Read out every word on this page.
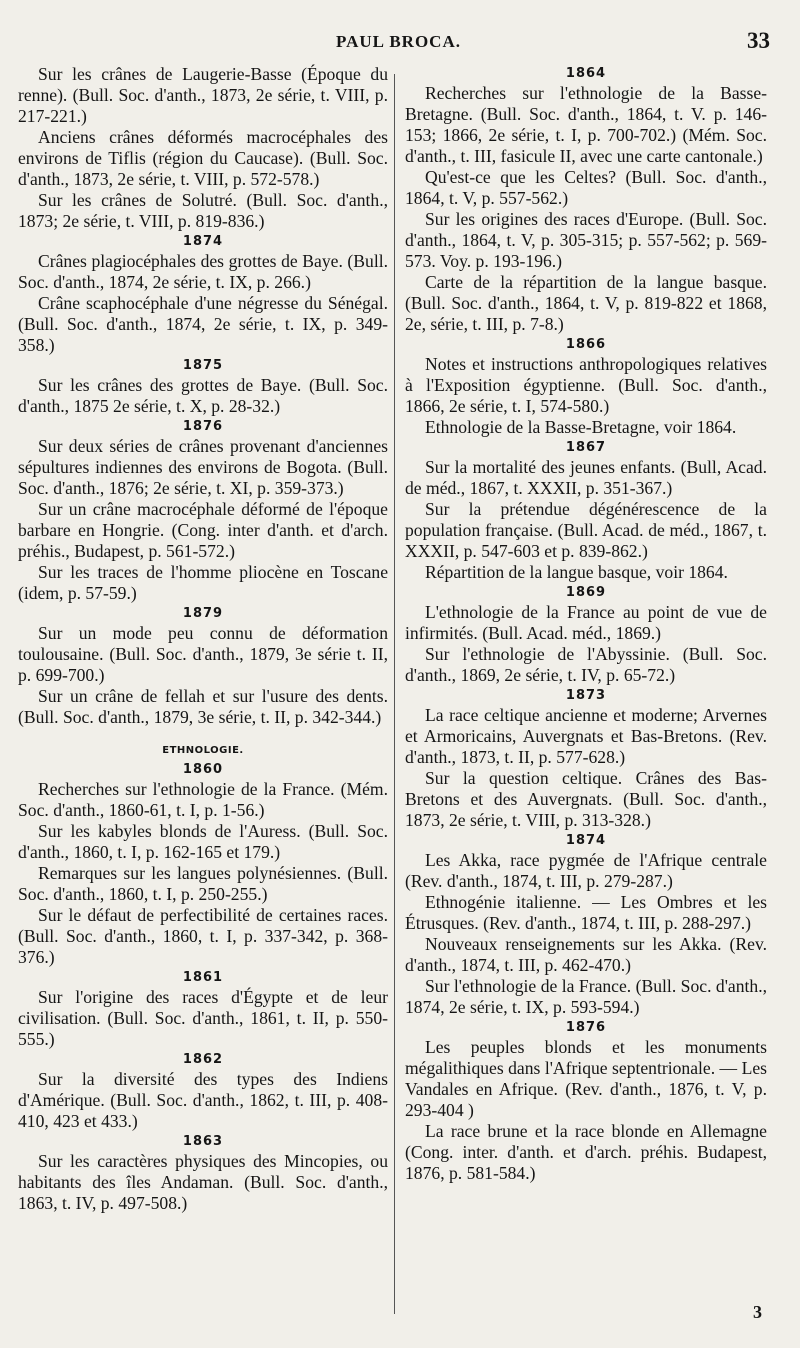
PAUL BROCA.	33

Sur les crânes de Laugerie-Basse (Époque du renne). (Bull. Soc. d'anth., 1873, 2e série, t. VIII, p. 217-221.)

Anciens crânes déformés macrocéphales des environs de Tiflis (région du Caucase). (Bull. Soc. d'anth., 1873, 2e série, t. VIII, p. 572-578.)

Sur les crânes de Solutré. (Bull. Soc. d'anth., 1873; 2e série, t. VIII, p. 819-836.)

1874

Crânes plagiocéphales des grottes de Baye. (Bull. Soc. d'anth., 1874, 2e série, t. IX, p. 266.)

Crâne scaphocéphale d'une négresse du Sénégal. (Bull. Soc. d'anth., 1874, 2e série, t. IX, p. 349-358.)

1875

Sur les crânes des grottes de Baye. (Bull. Soc. d'anth., 1875 2e série, t. X, p. 28-32.)

1876

Sur deux séries de crânes provenant d'anciennes sépultures indiennes des environs de Bogota. (Bull. Soc. d'anth., 1876; 2e série, t. XI, p. 359-373.)

Sur un crâne macrocéphale déformé de l'époque barbare en Hongrie. (Cong. inter d'anth. et d'arch. préhis., Budapest, p. 561-572.)

Sur les traces de l'homme pliocène en Toscane (idem, p. 57-59.)

1879

Sur un mode peu connu de déformation toulousaine. (Bull. Soc. d'anth., 1879, 3e série t. II, p. 699-700.)

Sur un crâne de fellah et sur l'usure des dents. (Bull. Soc. d'anth., 1879, 3e série, t. II, p. 342-344.)

ETHNOLOGIE.

1860

Recherches sur l'ethnologie de la France. (Mém. Soc. d'anth., 1860-61, t. I, p. 1-56.)

Sur les kabyles blonds de l'Auress. (Bull. Soc. d'anth., 1860, t. I, p. 162-165 et 179.)

Remarques sur les langues polynésiennes. (Bull. Soc. d'anth., 1860, t. I, p. 250-255.)

Sur le défaut de perfectibilité de certaines races. (Bull. Soc. d'anth., 1860, t. I, p. 337-342, p. 368-376.)

1861

Sur l'origine des races d'Égypte et de leur civilisation. (Bull. Soc. d'anth., 1861, t. II, p. 550-555.)

1862

Sur la diversité des types des Indiens d'Amérique. (Bull. Soc. d'anth., 1862, t. III, p. 408-410, 423 et 433.)

1863

Sur les caractères physiques des Mincopies, ou habitants des îles Andaman. (Bull. Soc. d'anth., 1863, t. IV, p. 497-508.)

1864

Recherches sur l'ethnologie de la Basse-Bretagne. (Bull. Soc. d'anth., 1864, t. V. p. 146-153; 1866, 2e série, t. I, p. 700-702.) (Mém. Soc. d'anth., t. III, fasicule II, avec une carte cantonale.)

Qu'est-ce que les Celtes? (Bull. Soc. d'anth., 1864, t. V, p. 557-562.)

Sur les origines des races d'Europe. (Bull. Soc. d'anth., 1864, t. V, p. 305-315; p. 557-562; p. 569-573. Voy. p. 193-196.)

Carte de la répartition de la langue basque. (Bull. Soc. d'anth., 1864, t. V, p. 819-822 et 1868, 2e, série, t. III, p. 7-8.)

1866

Notes et instructions anthropologiques relatives à l'Exposition égyptienne. (Bull. Soc. d'anth., 1866, 2e série, t. I, 574-580.)

Ethnologie de la Basse-Bretagne, voir 1864.

1867

Sur la mortalité des jeunes enfants. (Bull, Acad. de méd., 1867, t. XXXII, p. 351-367.)

Sur la prétendue dégénérescence de la population française. (Bull. Acad. de méd., 1867, t. XXXII, p. 547-603 et p. 839-862.)

Répartition de la langue basque, voir 1864.

1869

L'ethnologie de la France au point de vue de infirmités. (Bull. Acad. méd., 1869.)

Sur l'ethnologie de l'Abyssinie. (Bull. Soc. d'anth., 1869, 2e série, t. IV, p. 65-72.)

1873

La race celtique ancienne et moderne; Arvernes et Armoricains, Auvergnats et Bas-Bretons. (Rev. d'anth., 1873, t. II, p. 577-628.)

Sur la question celtique. Crânes des Bas-Bretons et des Auvergnats. (Bull. Soc. d'anth., 1873, 2e série, t. VIII, p. 313-328.)

1874

Les Akka, race pygmée de l'Afrique centrale (Rev. d'anth., 1874, t. III, p. 279-287.)

Ethnogénie italienne. — Les Ombres et les Étrusques. (Rev. d'anth., 1874, t. III, p. 288-297.)

Nouveaux renseignements sur les Akka. (Rev. d'anth., 1874, t. III, p. 462-470.)

Sur l'ethnologie de la France. (Bull. Soc. d'anth., 1874, 2e série, t. IX, p. 593-594.)

1876

Les peuples blonds et les monuments mégalithiques dans l'Afrique septentrionale. — Les Vandales en Afrique. (Rev. d'anth., 1876, t. V, p. 293-404 )

La race brune et la race blonde en Allemagne (Cong. inter. d'anth. et d'arch. préhis. Budapest, 1876, p. 581-584.)

3
